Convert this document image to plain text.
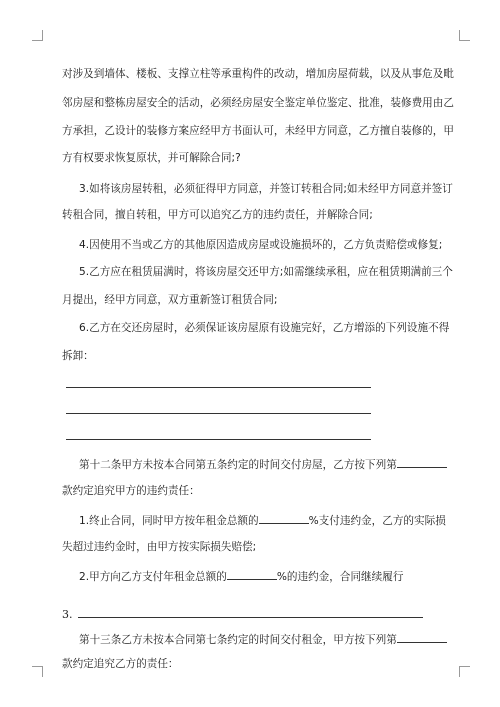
对涉及到墙体、楼板、支撑立柱等承重构件的改动，增加房屋荷载，以及从事危及毗
邻房屋和整栋房屋安全的活动，必须经房屋安全鉴定单位鉴定、批准，装修费用由乙
方承担，乙设计的装修方案应经甲方书面认可，未经甲方同意，乙方擅自装修的，甲
方有权要求恢复原状，并可解除合同;?
3.如将该房屋转租，必须征得甲方同意，并签订转租合同;如未经甲方同意并签订
转租合同，擅自转租，甲方可以追究乙方的违约责任，并解除合同;
4.因使用不当或乙方的其他原因造成房屋或设施损坏的，乙方负责赔偿或修复;
5.乙方应在租赁届满时，将该房屋交还甲方;如需继续承租，应在租赁期满前三个
月提出，经甲方同意，双方重新签订租赁合同;
6.乙方在交还房屋时，必须保证该房屋原有设施完好，乙方增添的下列设施不得
拆卸：
第十二条甲方未按本合同第五条约定的时间交付房屋，乙方按下列第
款约定追究甲方的违约责任：
1.终止合同，同时甲方按年租金总额的	%支付违约金，乙方的实际损
失超过违约金时，由甲方按实际损失赔偿;
2.甲方向乙方支付年租金总额的	%的违约金，合同继续履行
3.
第十三条乙方未按本合同第七条约定的时间交付租金，甲方按下列第
款约定追究乙方的责任：
